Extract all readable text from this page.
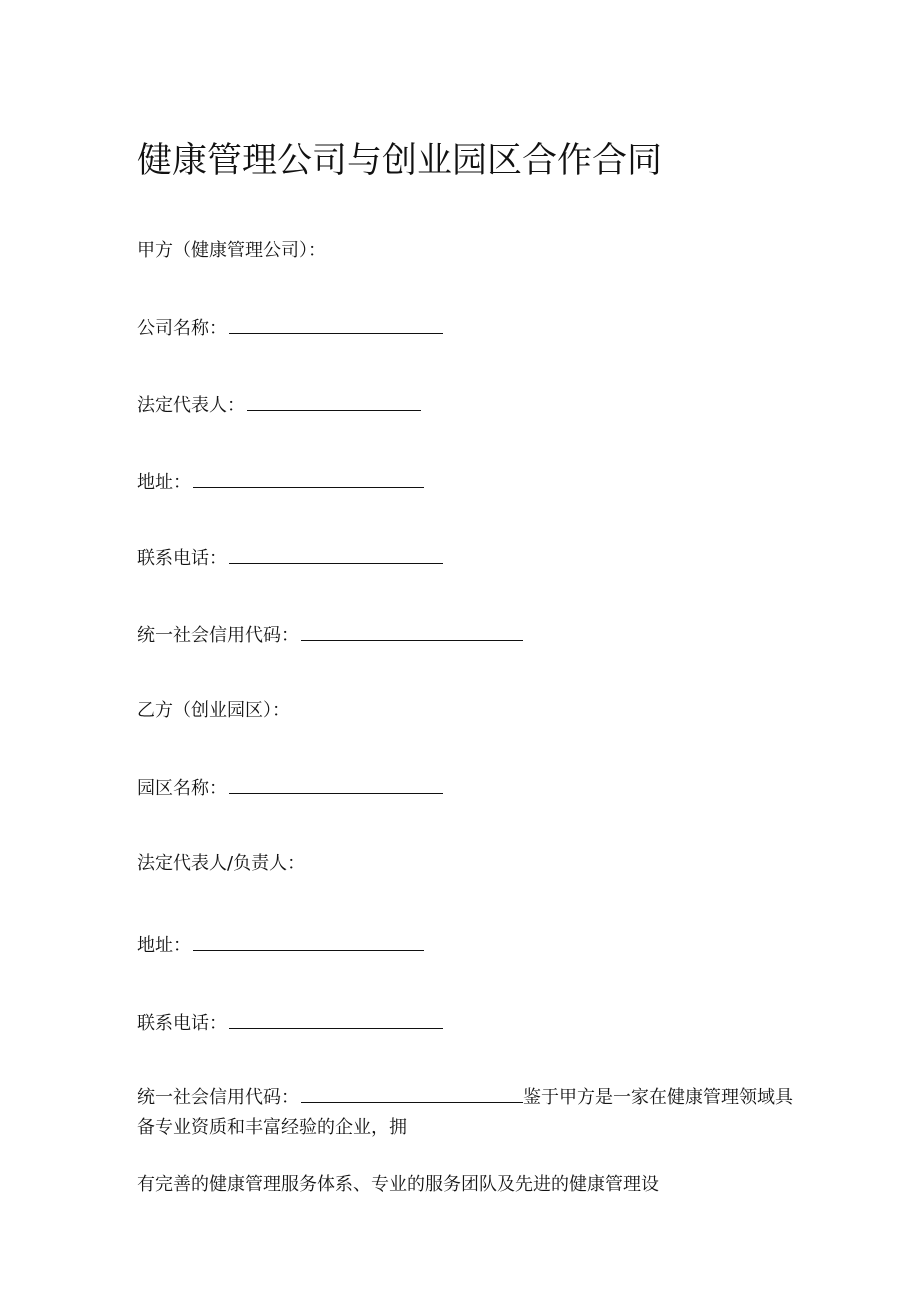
健康管理公司与创业园区合作合同
甲方（健康管理公司）：
公司名称：
法定代表人：
地址：
联系电话：
统一社会信用代码：
乙方（创业园区）：
园区名称：
法定代表人/负责人：
地址：
联系电话：
统一社会信用代码：	鉴于甲方是一家在健康管理领域具备专业资质和丰富经验的企业，拥
有完善的健康管理服务体系、专业的服务团队及先进的健康管理设
